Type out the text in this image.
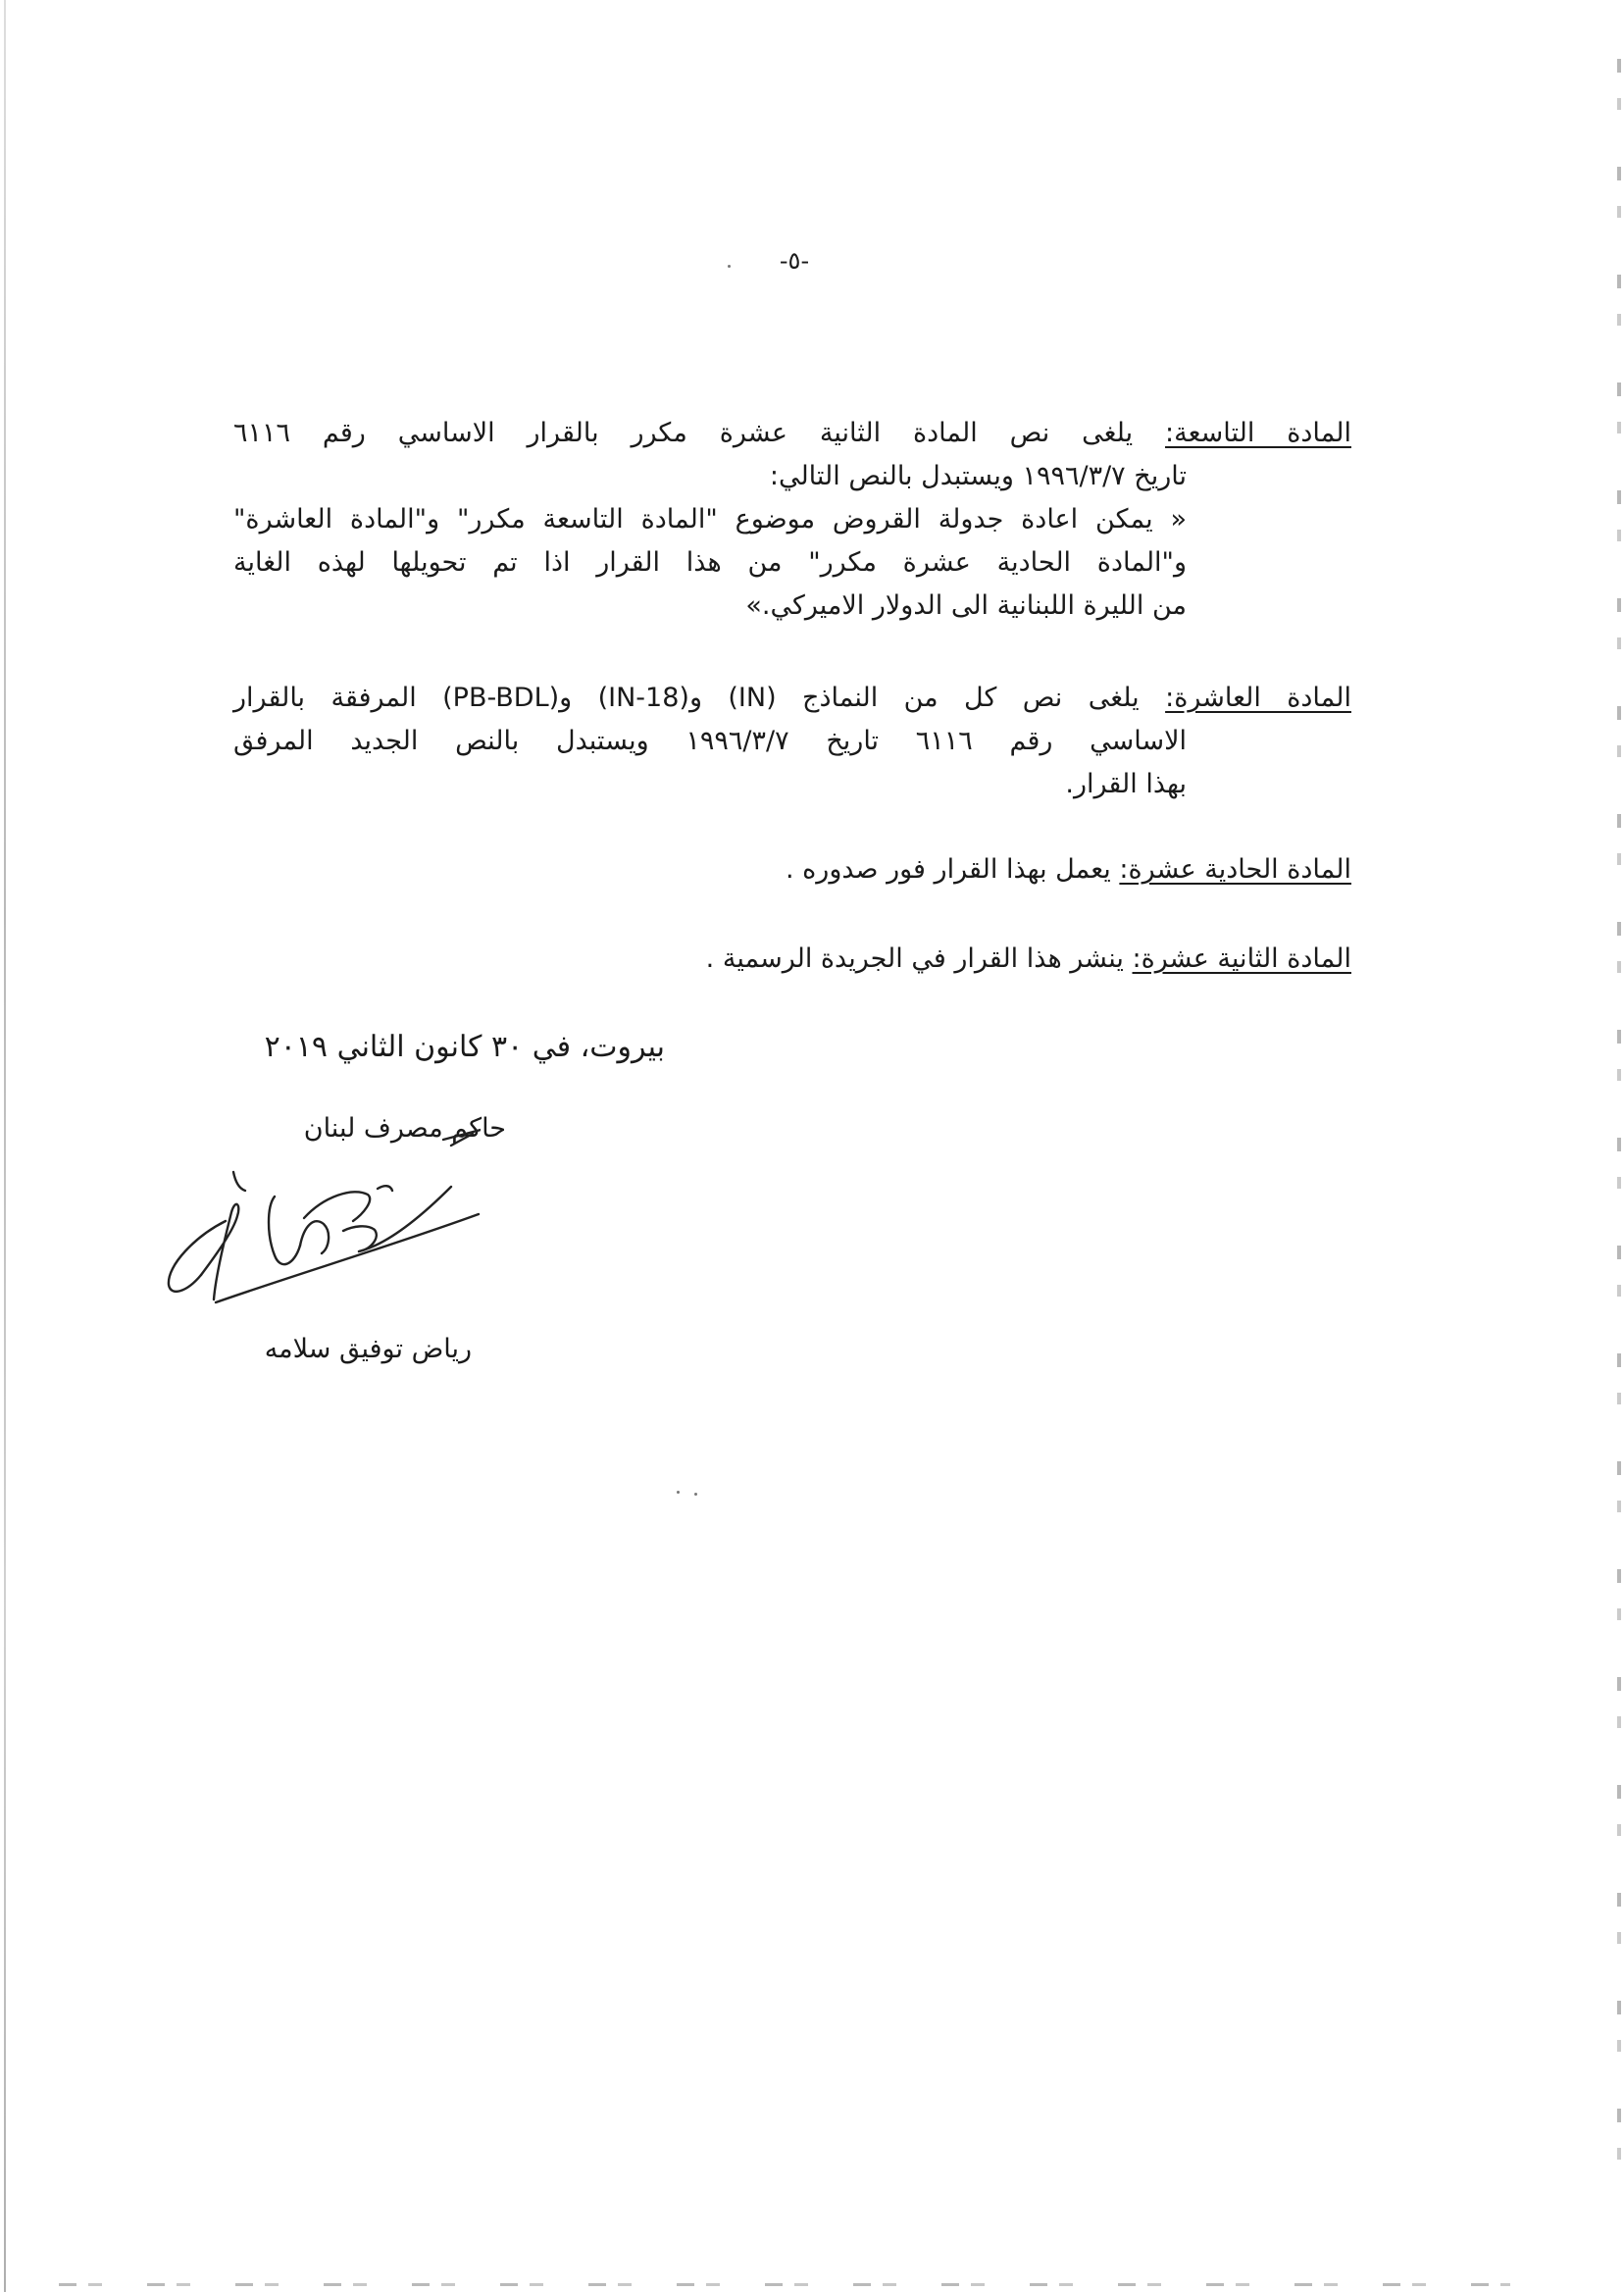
-٥-
المادة التاسعة: يلغى نص المادة الثانية عشرة مكرر بالقرار الاساسي رقم ٦١١٦
تاريخ ١٩٩٦/٣/٧ ويستبدل بالنص التالي:
« يمكن اعادة جدولة القروض موضوع "المادة التاسعة مكرر" و"المادة العاشرة"
و"المادة الحادية عشرة مكرر" من هذا القرار اذا تم تحويلها لهذه الغاية
من الليرة اللبنانية الى الدولار الاميركي.»
المادة العاشرة: يلغى نص كل من النماذج (IN) و(IN-18) و(PB-BDL) المرفقة بالقرار
الاساسي رقم ٦١١٦ تاريخ ١٩٩٦/٣/٧ ويستبدل بالنص الجديد المرفق
بهذا القرار.
المادة الحادية عشرة: يعمل بهذا القرار فور صدوره .
المادة الثانية عشرة: ينشر هذا القرار في الجريدة الرسمية .
بيروت، في ٣٠ كانون الثاني ٢٠١٩
حاكم مصرف لبنان
رياض توفيق سلامه
